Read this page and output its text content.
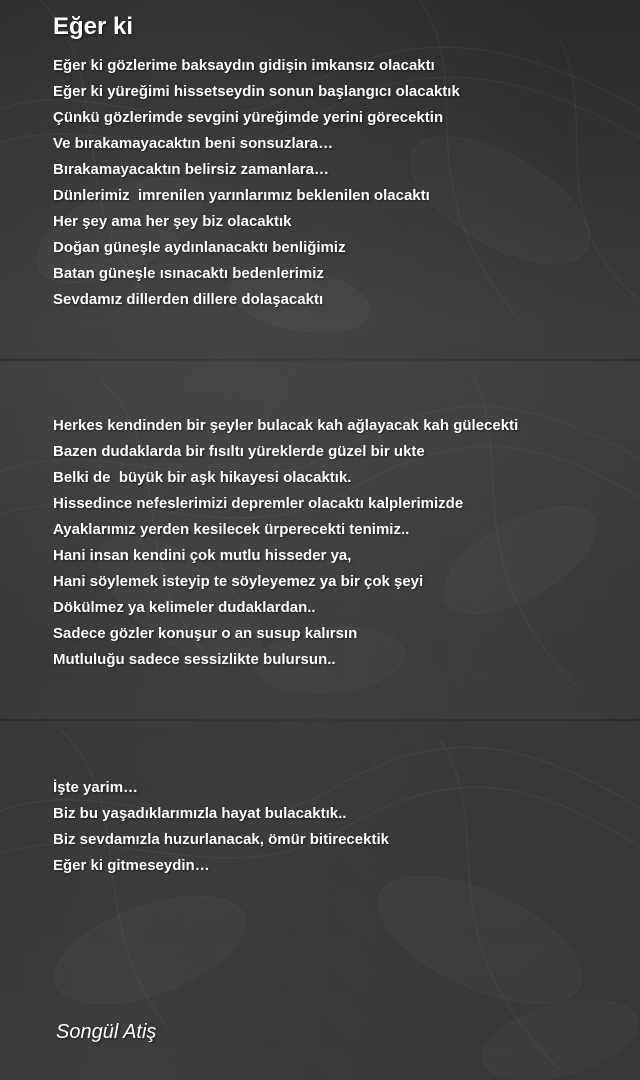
Eğer ki
Eğer ki gözlerime baksaydın gidişin imkansız olacaktı
Eğer ki yüreğimi hissetseydin sonun başlangıcı olacaktık
Çünkü gözlerimde sevgini yüreğimde yerini görecektin
Ve bırakamayacaktın beni sonsuzlara…
Bırakamayacaktın belirsiz zamanlara…
Dünlerimiz  imrenilen yarınlarımız beklenilen olacaktı
Her şey ama her şey biz olacaktık
Doğan güneşle aydınlanacaktı benliğimiz
Batan güneşle ısınacaktı bedenlerimiz
Sevdamız dillerden dillere dolaşacaktı
Herkes kendinden bir şeyler bulacak kah ağlayacak kah gülecekti
Bazen dudaklarda bir fısıltı yüreklerde güzel bir ukte
Belki de  büyük bir aşk hikayesi olacaktık.
Hissedince nefeslerimizi depremler olacaktı kalplerimizde
Ayaklarımız yerden kesilecek ürperecekti tenimiz..
Hani insan kendini çok mutlu hisseder ya,
Hani söylemek isteyip te söyleyemez ya bir çok şeyi
Dökülmez ya kelimeler dudaklardan..
Sadece gözler konuşur o an susup kalırsın
Mutluluğu sadece sessizlikte bulursun..
İşte yarim…
Biz bu yaşadıklarımızla hayat bulacaktık..
Biz sevdamızla huzurlanacak, ömür bitirecektik
Eğer ki gitmeseydin…
Songül Atiş
